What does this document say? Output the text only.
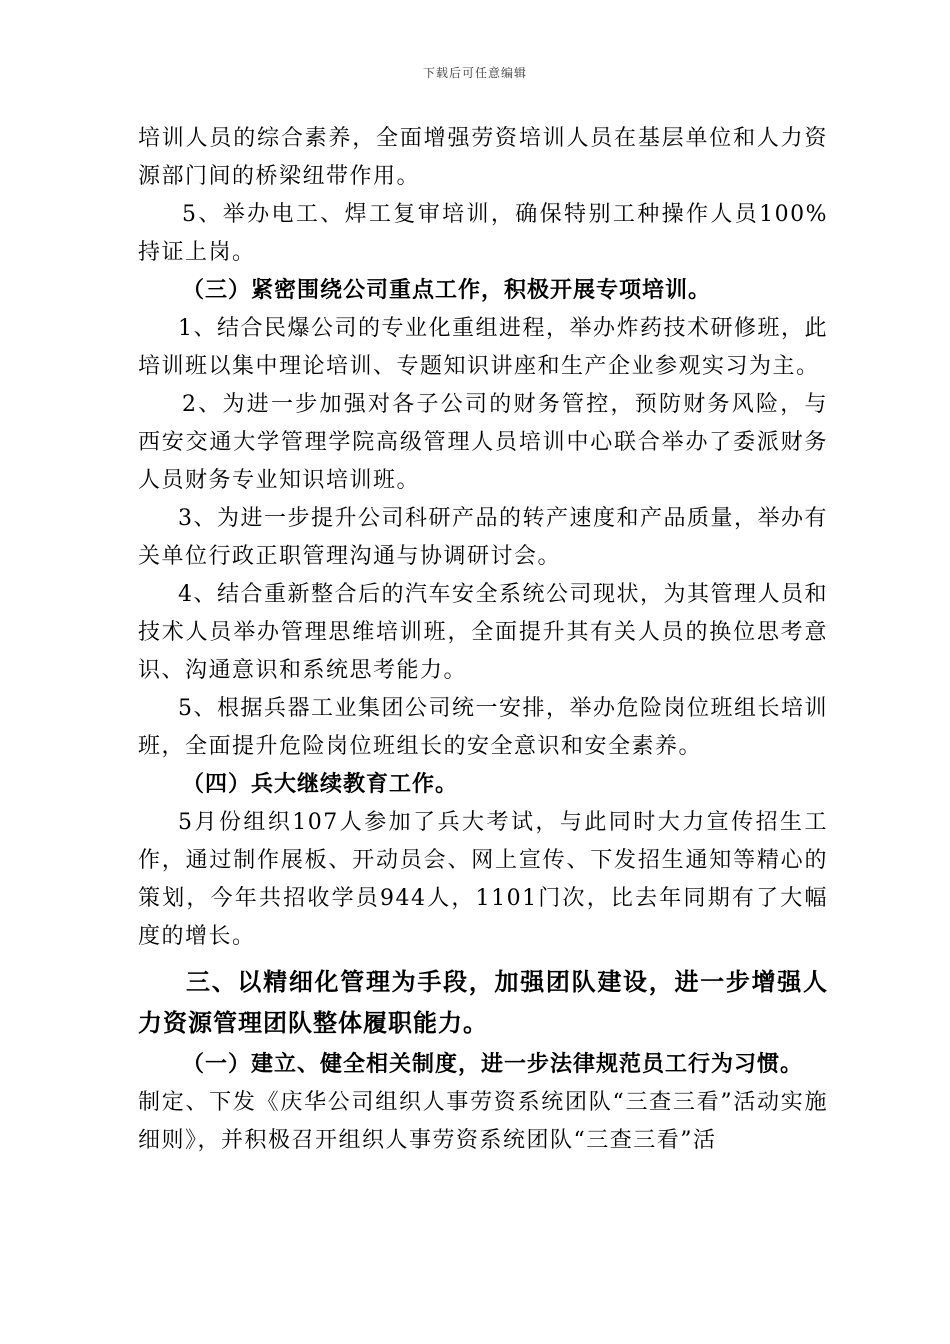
下载后可任意编辑

培训人员的综合素养，全面增强劳资培训人员在基层单位和人力资源部门间的桥梁纽带作用。

5、举办电工、焊工复审培训，确保特别工种操作人员100%持证上岗。

（三）紧密围绕公司重点工作，积极开展专项培训。

1、结合民爆公司的专业化重组进程，举办炸药技术研修班，此培训班以集中理论培训、专题知识讲座和生产企业参观实习为主。

2、为进一步加强对各子公司的财务管控，预防财务风险，与西安交通大学管理学院高级管理人员培训中心联合举办了委派财务人员财务专业知识培训班。

3、为进一步提升公司科研产品的转产速度和产品质量，举办有关单位行政正职管理沟通与协调研讨会。

4、结合重新整合后的汽车安全系统公司现状，为其管理人员和技术人员举办管理思维培训班，全面提升其有关人员的换位思考意识、沟通意识和系统思考能力。

5、根据兵器工业集团公司统一安排，举办危险岗位班组长培训班，全面提升危险岗位班组长的安全意识和安全素养。

（四）兵大继续教育工作。

5月份组织107人参加了兵大考试，与此同时大力宣传招生工作，通过制作展板、开动员会、网上宣传、下发招生通知等精心的策划，今年共招收学员944人，1101门次，比去年同期有了大幅度的增长。

三、以精细化管理为手段，加强团队建设，进一步增强人力资源管理团队整体履职能力。

（一）建立、健全相关制度，进一步法律规范员工行为习惯。

制定、下发《庆华公司组织人事劳资系统团队“三查三看”活动实施细则》，并积极召开组织人事劳资系统团队“三查三看”活
